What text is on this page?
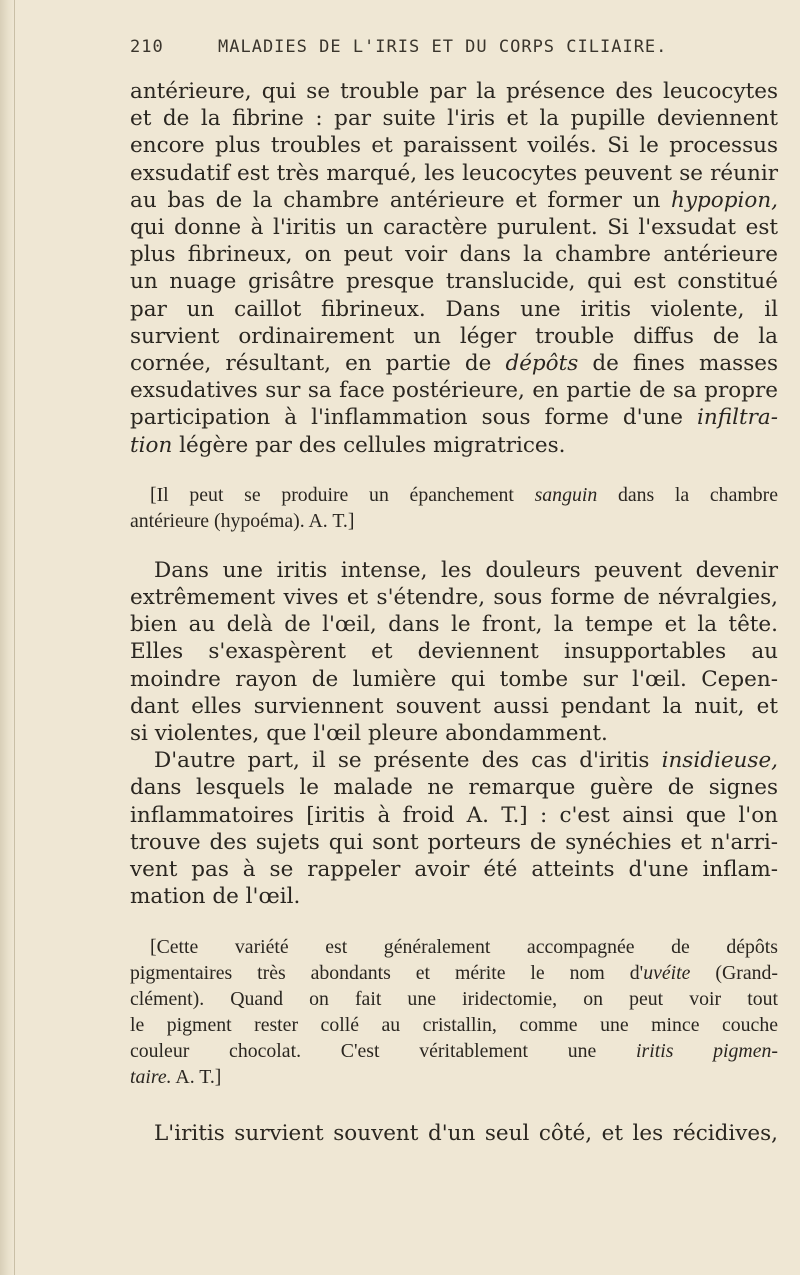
210	MALADIES DE L'IRIS ET DU CORPS CILIAIRE.

antérieure, qui se trouble par la présence des leucocytes
et de la fibrine : par suite l'iris et la pupille deviennent
encore plus troubles et paraissent voilés. Si le processus
exsudatif est très marqué, les leucocytes peuvent se réunir
au bas de la chambre antérieure et former un hypopion,
qui donne à l'iritis un caractère purulent. Si l'exsudat est
plus fibrineux, on peut voir dans la chambre antérieure
un nuage grisâtre presque translucide, qui est constitué
par un caillot fibrineux. Dans une iritis violente, il
survient ordinairement un léger trouble diffus de la
cornée, résultant, en partie de dépôts de fines masses
exsudatives sur sa face postérieure, en partie de sa propre
participation à l'inflammation sous forme d'une infiltra-
tion légère par des cellules migratrices.

[Il peut se produire un épanchement sanguin dans la chambre
antérieure (hypoéma). A. T.]

Dans une iritis intense, les douleurs peuvent devenir
extrêmement vives et s'étendre, sous forme de névralgies,
bien au delà de l'œil, dans le front, la tempe et la tête.
Elles s'exaspèrent et deviennent insupportables au
moindre rayon de lumière qui tombe sur l'œil. Cepen-
dant elles surviennent souvent aussi pendant la nuit, et
si violentes, que l'œil pleure abondamment.

D'autre part, il se présente des cas d'iritis insidieuse,
dans lesquels le malade ne remarque guère de signes
inflammatoires [iritis à froid A. T.] : c'est ainsi que l'on
trouve des sujets qui sont porteurs de synéchies et n'arri-
vent pas à se rappeler avoir été atteints d'une inflam-
mation de l'œil.

[Cette variété est généralement accompagnée de dépôts
pigmentaires très abondants et mérite le nom d'uvéite (Grand-
clément). Quand on fait une iridectomie, on peut voir tout
le pigment rester collé au cristallin, comme une mince couche
couleur chocolat. C'est véritablement une iritis pigmen-
taire. A. T.]

L'iritis survient souvent d'un seul côté, et les récidives,
